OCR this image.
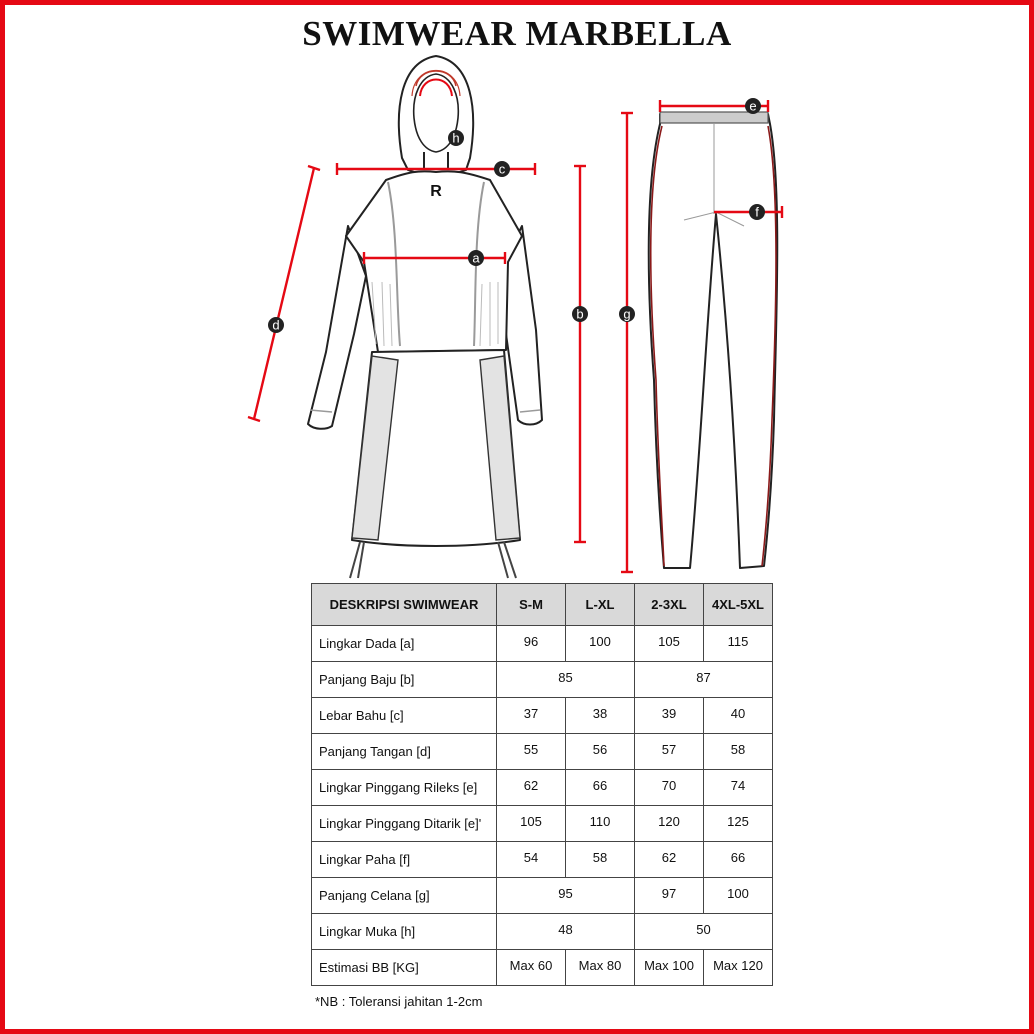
SWIMWEAR MARBELLA
R
c
a
b
d
g
e
f
h
DESKRIPSI SWIMWEAR	S-M	L-XL	2-3XL	4XL-5XL
Lingkar Dada [a]	96	100	105	115
Panjang Baju [b]	85		87	
Lebar Bahu [c]	37	38	39	40
Panjang Tangan [d]	55	56	57	58
Lingkar Pinggang Rileks [e]	62	66	70	74
Lingkar Pinggang Ditarik [e]'	105	110	120	125
Lingkar Paha [f]	54	58	62	66
Panjang Celana [g]	95		97	100
Lingkar Muka [h]	48		50	
Estimasi BB [KG]	Max 60	Max 80	Max 100	Max 120
*NB : Toleransi jahitan 1-2cm
